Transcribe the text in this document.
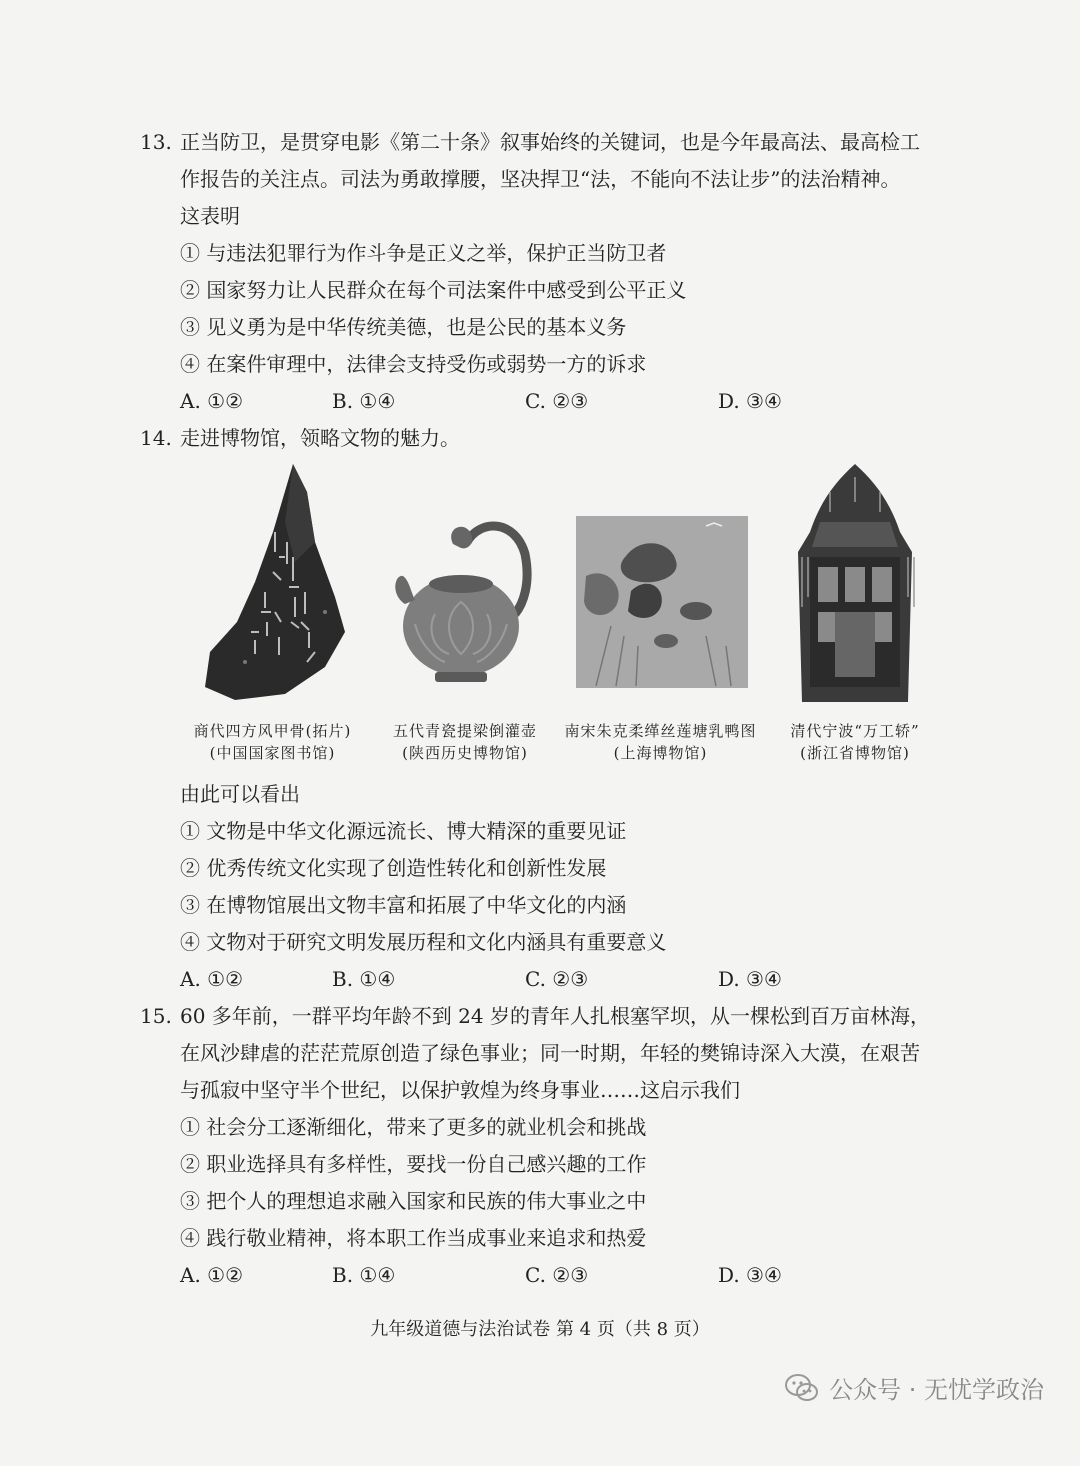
13. 正当防卫，是贯穿电影《第二十条》叙事始终的关键词，也是今年最高法、最高检工
作报告的关注点。司法为勇敢撑腰，坚决捍卫“法，不能向不法让步”的法治精神。
这表明
① 与违法犯罪行为作斗争是正义之举，保护正当防卫者
② 国家努力让人民群众在每个司法案件中感受到公平正义
③ 见义勇为是中华传统美德，也是公民的基本义务
④ 在案件审理中，法律会支持受伤或弱势一方的诉求
A. ①②	B. ①④	C. ②③	D. ③④
14. 走进博物馆，领略文物的魅力。
商代四方风甲骨(拓片)
(中国国家图书馆)
五代青瓷提梁倒灌壶
(陕西历史博物馆)
南宋朱克柔缂丝莲塘乳鸭图
(上海博物馆)
清代宁波“万工轿”
(浙江省博物馆)
由此可以看出
① 文物是中华文化源远流长、博大精深的重要见证
② 优秀传统文化实现了创造性转化和创新性发展
③ 在博物馆展出文物丰富和拓展了中华文化的内涵
④ 文物对于研究文明发展历程和文化内涵具有重要意义
A. ①②	B. ①④	C. ②③	D. ③④
15. 60 多年前，一群平均年龄不到 24 岁的青年人扎根塞罕坝，从一棵松到百万亩林海，
在风沙肆虐的茫茫荒原创造了绿色事业；同一时期，年轻的樊锦诗深入大漠，在艰苦
与孤寂中坚守半个世纪，以保护敦煌为终身事业……这启示我们
① 社会分工逐渐细化，带来了更多的就业机会和挑战
② 职业选择具有多样性，要找一份自己感兴趣的工作
③ 把个人的理想追求融入国家和民族的伟大事业之中
④ 践行敬业精神，将本职工作当成事业来追求和热爱
A. ①②	B. ①④	C. ②③	D. ③④
九年级道德与法治试卷 第 4 页（共 8 页）
公众号 · 无忧学政治
